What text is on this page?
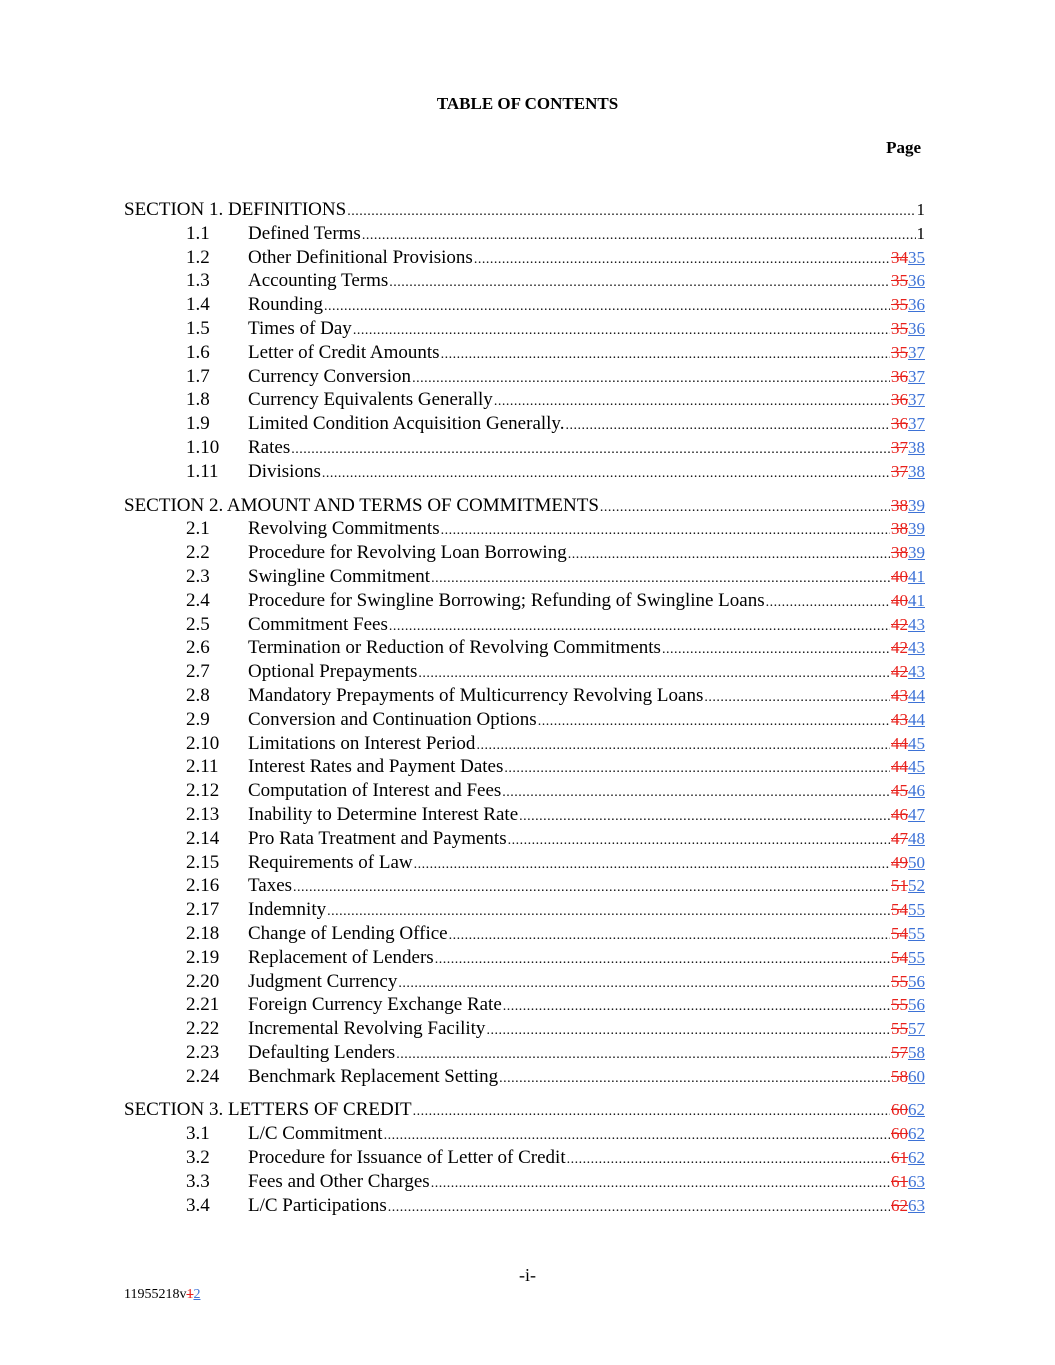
TABLE OF CONTENTS
Page
SECTION 1. DEFINITIONS .....	1
1.1	Defined Terms .....	1
1.2	Other Definitional Provisions .....	3435
1.3	Accounting Terms .....	3536
1.4	Rounding .....	3536
1.5	Times of Day .....	3536
1.6	Letter of Credit Amounts .....	3537
1.7	Currency Conversion .....	3637
1.8	Currency Equivalents Generally .....	3637
1.9	Limited Condition Acquisition Generally. .....	3637
1.10	Rates .....	3738
1.11	Divisions .....	3738
SECTION 2. AMOUNT AND TERMS OF COMMITMENTS .....	3839
2.1	Revolving Commitments .....	3839
2.2	Procedure for Revolving Loan Borrowing .....	3839
2.3	Swingline Commitment .....	4041
2.4	Procedure for Swingline Borrowing; Refunding of Swingline Loans .....	4041
2.5	Commitment Fees .....	4243
2.6	Termination or Reduction of Revolving Commitments .....	4243
2.7	Optional Prepayments .....	4243
2.8	Mandatory Prepayments of Multicurrency Revolving Loans .....	4344
2.9	Conversion and Continuation Options .....	4344
2.10	Limitations on Interest Period .....	4445
2.11	Interest Rates and Payment Dates .....	4445
2.12	Computation of Interest and Fees .....	4546
2.13	Inability to Determine Interest Rate .....	4647
2.14	Pro Rata Treatment and Payments .....	4748
2.15	Requirements of Law .....	4950
2.16	Taxes .....	5152
2.17	Indemnity .....	5455
2.18	Change of Lending Office .....	5455
2.19	Replacement of Lenders .....	5455
2.20	Judgment Currency .....	5556
2.21	Foreign Currency Exchange Rate .....	5556
2.22	Incremental Revolving Facility .....	5557
2.23	Defaulting Lenders .....	5758
2.24	Benchmark Replacement Setting .....	5860
SECTION 3. LETTERS OF CREDIT .....	6062
3.1	L/C Commitment .....	6062
3.2	Procedure for Issuance of Letter of Credit .....	6162
3.3	Fees and Other Charges .....	6163
3.4	L/C Participations .....	6263
-i-
11955218v12
